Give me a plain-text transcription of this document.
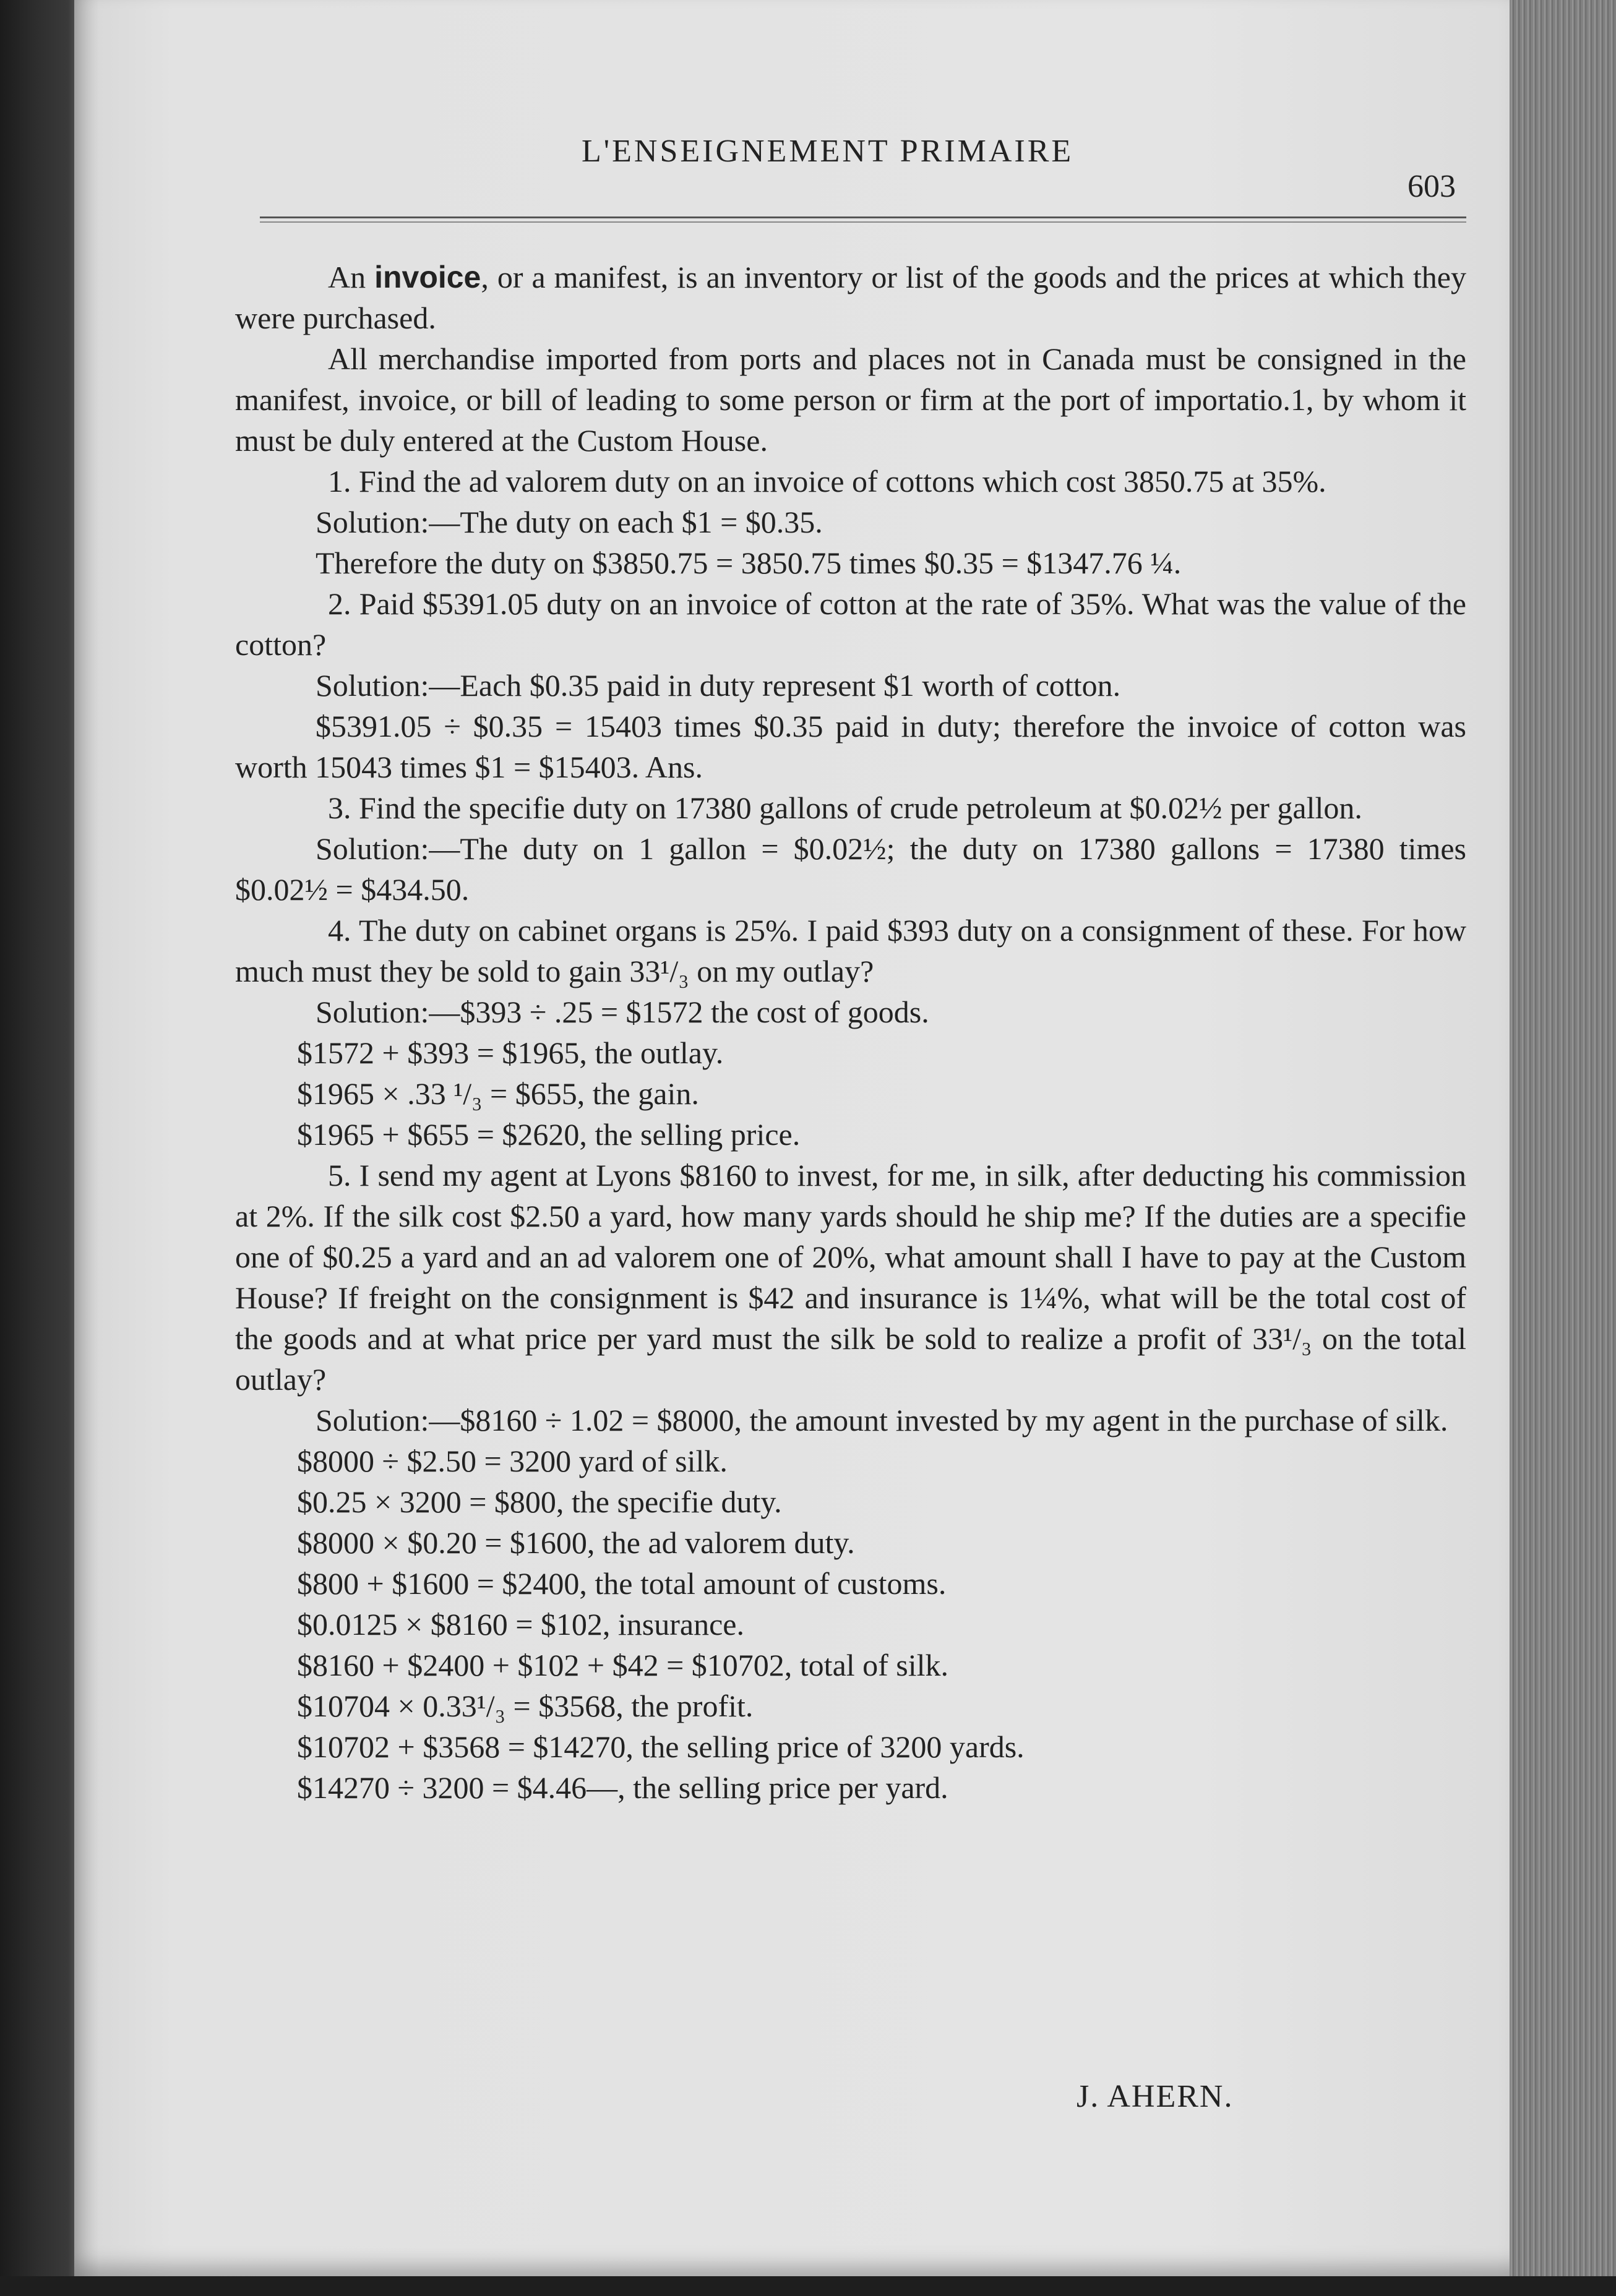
L'ENSEIGNEMENT PRIMAIRE
603

An invoice, or a manifest, is an inventory or list of the goods and the prices at which they were purchased.

All merchandise imported from ports and places not in Canada must be consigned in the manifest, invoice, or bill of leading to some person or firm at the port of importatio.1, by whom it must be duly entered at the Custom House.

1. Find the ad valorem duty on an invoice of cottons which cost 3850.75 at 35%.

Solution:—The duty on each $1 = $0.35.

Therefore the duty on $3850.75 = 3850.75 times $0.35 = $1347.76 ¼.

2. Paid $5391.05 duty on an invoice of cotton at the rate of 35%. What was the value of the cotton?

Solution:—Each $0.35 paid in duty represent $1 worth of cotton.

$5391.05 ÷ $0.35 = 15403 times $0.35 paid in duty; therefore the invoice of cotton was worth 15043 times $1 = $15403. Ans.

3. Find the specifie duty on 17380 gallons of crude petroleum at $0.02½ per gallon.

Solution:—The duty on 1 gallon = $0.02½; the duty on 17380 gallons = 17380 times $0.02½ = $434.50.

4. The duty on cabinet organs is 25%. I paid $393 duty on a consignment of these. For how much must they be sold to gain 33¹/₃ on my outlay?

Solution:—$393 ÷ .25 = $1572 the cost of goods.

$1572 + $393 = $1965, the outlay.

$1965 × .33 ¹/₃ = $655, the gain.

$1965 + $655 = $2620, the selling price.

5. I send my agent at Lyons $8160 to invest, for me, in silk, after deducting his commission at 2%. If the silk cost $2.50 a yard, how many yards should he ship me? If the duties are a specifie one of $0.25 a yard and an ad valorem one of 20%, what amount shall I have to pay at the Custom House? If freight on the consignment is $42 and insurance is 1¼%, what will be the total cost of the goods and at what price per yard must the silk be sold to realize a profit of 33¹/₃ on the total outlay?

Solution:—$8160 ÷ 1.02 = $8000, the amount invested by my agent in the purchase of silk.

$8000 ÷ $2.50 = 3200 yard of silk.

$0.25 × 3200 = $800, the specifie duty.

$8000 × $0.20 = $1600, the ad valorem duty.

$800 + $1600 = $2400, the total amount of customs.

$0.0125 × $8160 = $102, insurance.

$8160 + $2400 + $102 + $42 = $10702, total of silk.

$10704 × 0.33¹/₃ = $3568, the profit.

$10702 + $3568 = $14270, the selling price of 3200 yards.

$14270 ÷ 3200 = $4.46—, the selling price per yard.

J. AHERN.
